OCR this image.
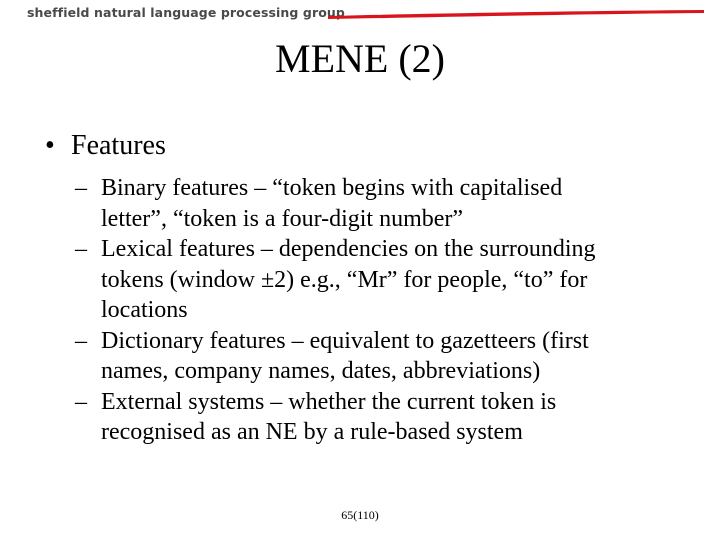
sheffield natural language processing group
MENE (2)
• Features
– Binary features – “token begins with capitalised
letter”, “token is a four-digit number”
– Lexical features – dependencies on the surrounding
tokens (window ±2) e.g., “Mr” for people, “to” for
locations
– Dictionary features – equivalent to gazetteers (first
names, company names, dates, abbreviations)
– External systems – whether the current token is
recognised as an NE by a rule-based system
65(110)
